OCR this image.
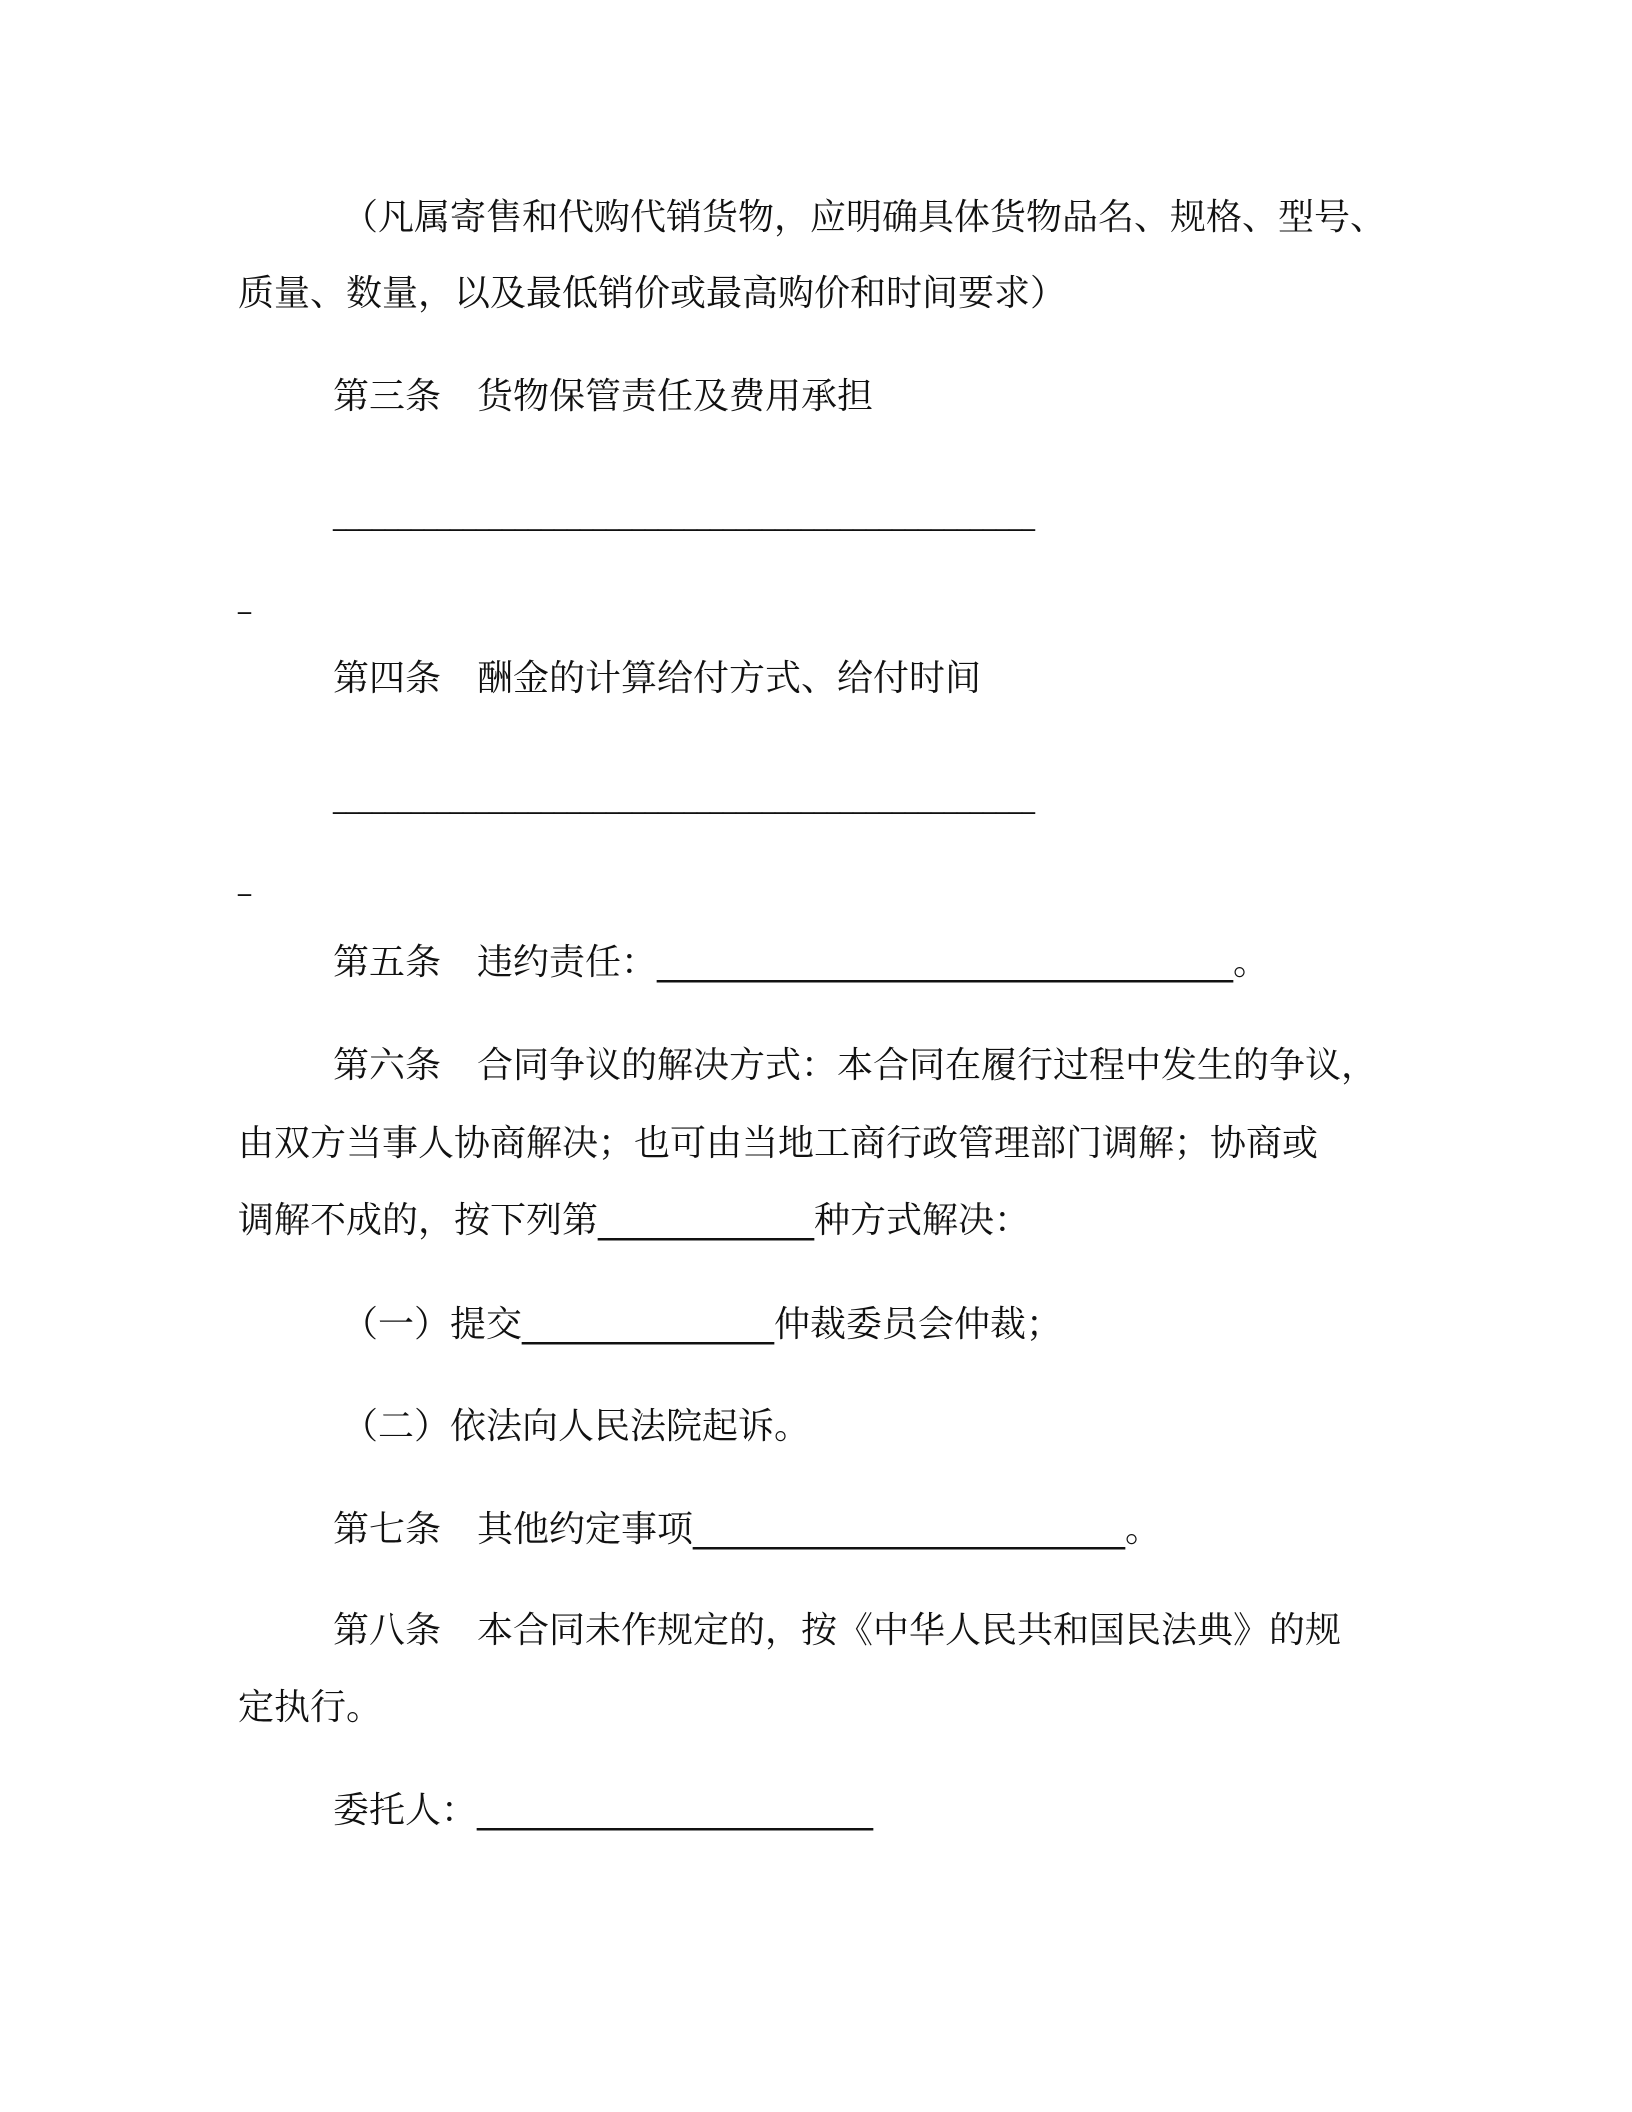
（凡属寄售和代购代销货物，应明确具体货物品名、规格、型号、
质量、数量，以及最低销价或最高购价和时间要求）
第三条　货物保管责任及费用承担
______________________________________________________
_
第四条　酬金的计算给付方式、给付时间
______________________________________________________
_
第五条　违约责任：________________________________。
第六条　合同争议的解决方式：本合同在履行过程中发生的争议，
由双方当事人协商解决；也可由当地工商行政管理部门调解；协商或
调解不成的，按下列第____________种方式解决：
（一）提交______________仲裁委员会仲裁；
（二）依法向人民法院起诉。
第七条　其他约定事项________________________。
第八条　本合同未作规定的，按《中华人民共和国民法典》的规
定执行。
委托人：______________________
